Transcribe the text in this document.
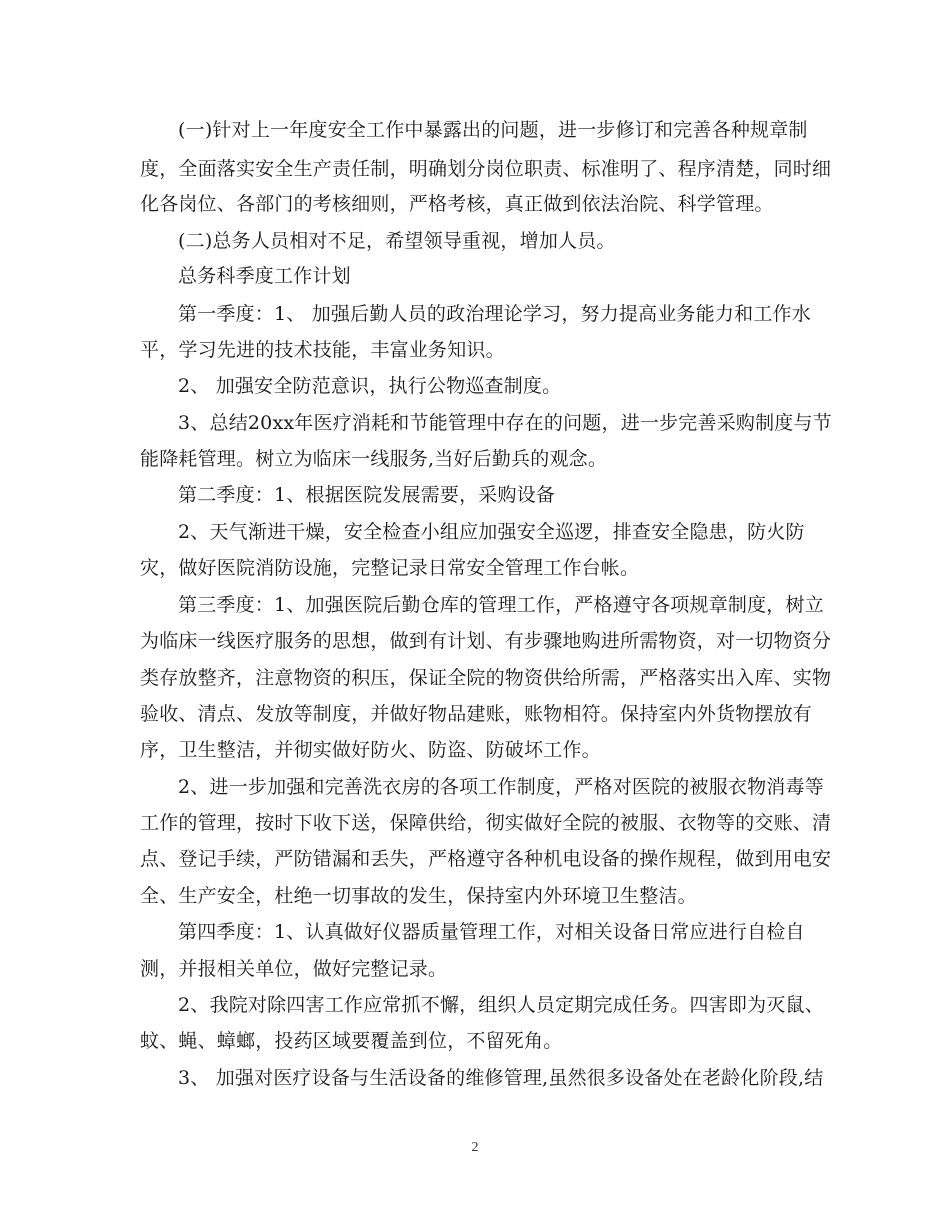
(一)针对上一年度安全工作中暴露出的问题，进一步修订和完善各种规章制
度，全面落实安全生产责任制，明确划分岗位职责、标准明了、程序清楚，同时细
化各岗位、各部门的考核细则，严格考核，真正做到依法治院、科学管理。
(二)总务人员相对不足，希望领导重视，增加人员。
总务科季度工作计划
第一季度：1、 加强后勤人员的政治理论学习，努力提高业务能力和工作水
平，学习先进的技术技能，丰富业务知识。
2、 加强安全防范意识，执行公物巡查制度。
3、总结20xx年医疗消耗和节能管理中存在的问题，进一步完善采购制度与节
能降耗管理。树立为临床一线服务,当好后勤兵的观念。
第二季度：1、根据医院发展需要，采购设备
2、天气渐进干燥，安全检查小组应加强安全巡逻，排查安全隐患，防火防
灾，做好医院消防设施，完整记录日常安全管理工作台帐。
第三季度：1、加强医院后勤仓库的管理工作，严格遵守各项规章制度，树立
为临床一线医疗服务的思想，做到有计划、有步骤地购进所需物资，对一切物资分
类存放整齐，注意物资的积压，保证全院的物资供给所需，严格落实出入库、实物
验收、清点、发放等制度，并做好物品建账，账物相符。保持室内外货物摆放有
序，卫生整洁，并彻实做好防火、防盗、防破坏工作。
2、进一步加强和完善洗衣房的各项工作制度，严格对医院的被服衣物消毒等
工作的管理，按时下收下送，保障供给，彻实做好全院的被服、衣物等的交账、清
点、登记手续，严防错漏和丢失，严格遵守各种机电设备的操作规程，做到用电安
全、生产安全，杜绝一切事故的发生，保持室内外环境卫生整洁。
第四季度：1、认真做好仪器质量管理工作，对相关设备日常应进行自检自
测，并报相关单位，做好完整记录。
2、我院对除四害工作应常抓不懈，组织人员定期完成任务。四害即为灭鼠、
蚊、蝇、蟑螂，投药区域要覆盖到位，不留死角。
3、 加强对医疗设备与生活设备的维修管理,虽然很多设备处在老龄化阶段,结
2
